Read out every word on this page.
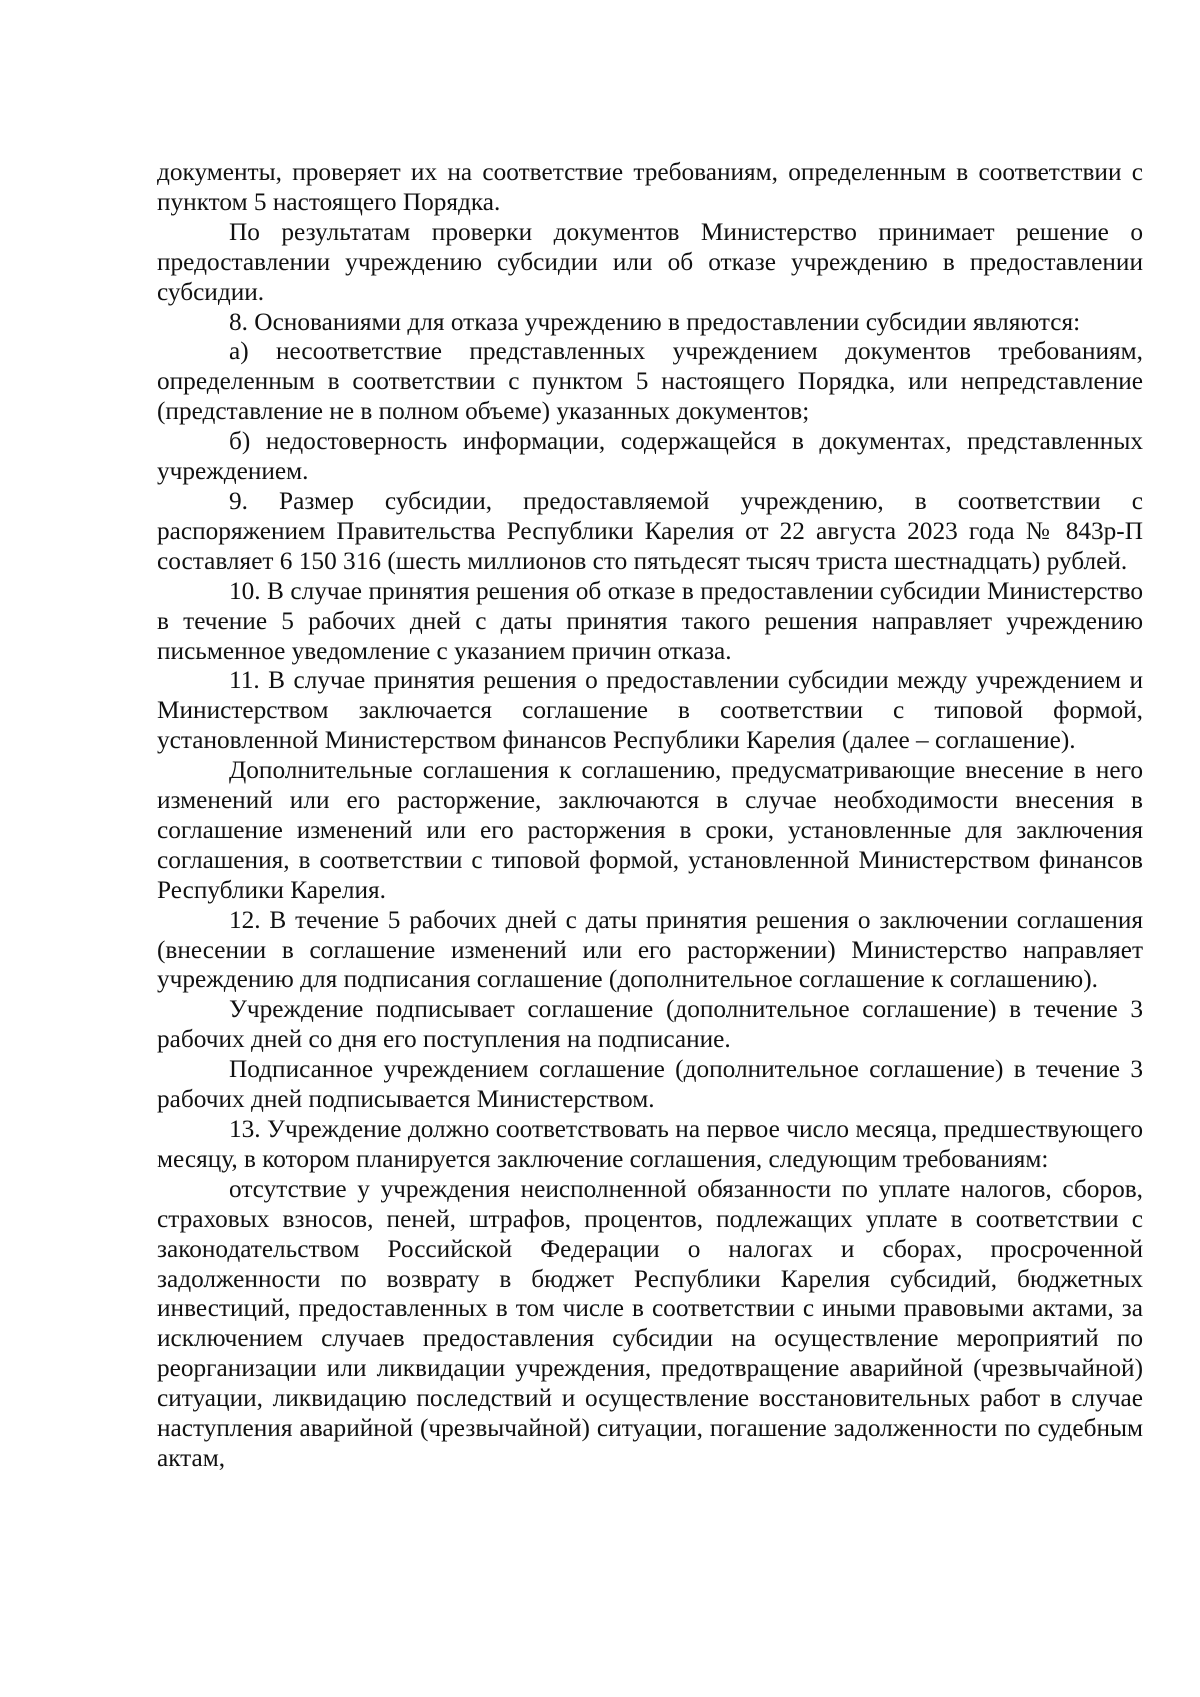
документы, проверяет их на соответствие требованиям, определенным в соответствии с пунктом 5 настоящего Порядка.

По результатам проверки документов Министерство принимает решение о предоставлении учреждению субсидии или об отказе учреждению в предоставлении субсидии.

8. Основаниями для отказа учреждению в предоставлении субсидии являются:

а) несоответствие представленных учреждением документов требованиям, определенным в соответствии с пунктом 5 настоящего Порядка, или непредставление (представление не в полном объеме) указанных документов;

б) недостоверность информации, содержащейся в документах, представленных учреждением.

9. Размер субсидии, предоставляемой учреждению, в соответствии с распоряжением Правительства Республики Карелия от 22 августа 2023 года № 843р-П составляет 6 150 316 (шесть миллионов сто пятьдесят тысяч триста шестнадцать) рублей.

10. В случае принятия решения об отказе в предоставлении субсидии Министерство в течение 5 рабочих дней с даты принятия такого решения направляет учреждению письменное уведомление с указанием причин отказа.

11. В случае принятия решения о предоставлении субсидии между учреждением и Министерством заключается соглашение в соответствии с типовой формой, установленной Министерством финансов Республики Карелия (далее – соглашение).

Дополнительные соглашения к соглашению, предусматривающие внесение в него изменений или его расторжение, заключаются в случае необходимости внесения в соглашение изменений или его расторжения в сроки, установленные для заключения соглашения, в соответствии с типовой формой, установленной Министерством финансов Республики Карелия.

12. В течение 5 рабочих дней с даты принятия решения о заключении соглашения (внесении в соглашение изменений или его расторжении) Министерство направляет учреждению для подписания соглашение (дополнительное соглашение к соглашению).

Учреждение подписывает соглашение (дополнительное соглашение) в течение 3 рабочих дней со дня его поступления на подписание.

Подписанное учреждением соглашение (дополнительное соглашение) в течение 3 рабочих дней подписывается Министерством.

13. Учреждение должно соответствовать на первое число месяца, предшествующего месяцу, в котором планируется заключение соглашения, следующим требованиям:

отсутствие у учреждения неисполненной обязанности по уплате налогов, сборов, страховых взносов, пеней, штрафов, процентов, подлежащих уплате в соответствии с законодательством Российской Федерации о налогах и сборах, просроченной задолженности по возврату в бюджет Республики Карелия субсидий, бюджетных инвестиций, предоставленных в том числе в соответствии с иными правовыми актами, за исключением случаев предоставления субсидии на осуществление мероприятий по реорганизации или ликвидации учреждения, предотвращение аварийной (чрезвычайной) ситуации, ликвидацию последствий и осуществление восстановительных работ в случае наступления аварийной (чрезвычайной) ситуации, погашение задолженности по судебным актам,
